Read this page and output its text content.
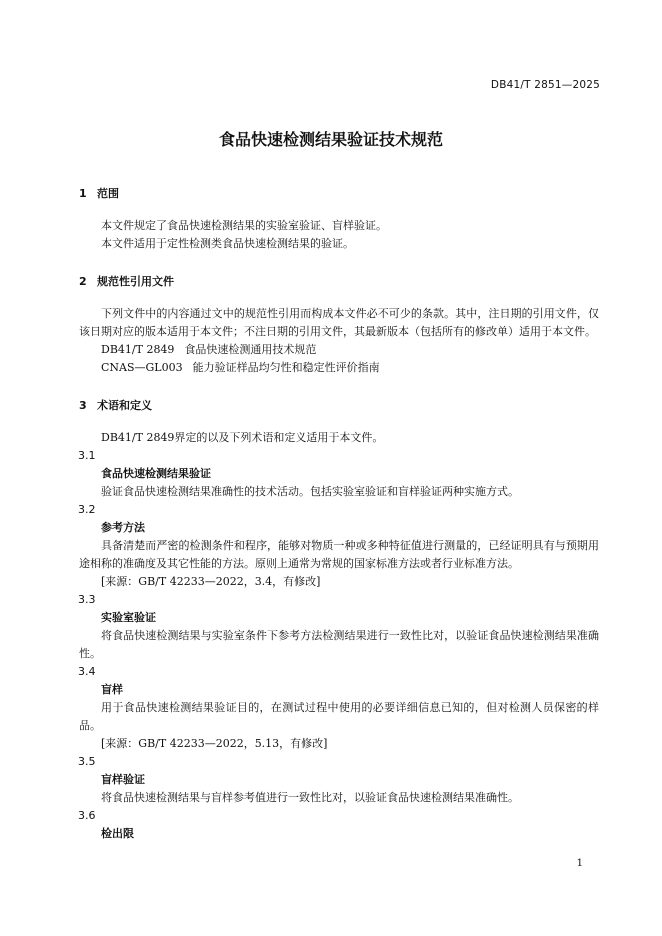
DB41/T 2851—2025
食品快速检测结果验证技术规范
1 范围

本文件规定了食品快速检测结果的实验室验证、盲样验证。

本文件适用于定性检测类食品快速检测结果的验证。

2 规范性引用文件

下列文件中的内容通过文中的规范性引用而构成本文件必不可少的条款。其中，注日期的引用文件，仅该日期对应的版本适用于本文件；不注日期的引用文件，其最新版本（包括所有的修改单）适用于本文件。

DB41/T 2849 食品快速检测通用技术规范
CNAS—GL003 能力验证样品均匀性和稳定性评价指南
3 术语和定义

DB41/T 2849界定的以及下列术语和定义适用于本文件。

3.1
食品快速检测结果验证

验证食品快速检测结果准确性的技术活动。包括实验室验证和盲样验证两种实施方式。

3.2
参考方法

具备清楚而严密的检测条件和程序，能够对物质一种或多种特征值进行测量的，已经证明具有与预期用途相称的准确度及其它性能的方法。原则上通常为常规的国家标准方法或者行业标准方法。

[来源：GB/T 42233—2022，3.4，有修改]
3.3
实验室验证

将食品快速检测结果与实验室条件下参考方法检测结果进行一致性比对，以验证食品快速检测结果准确性。

3.4
盲样

用于食品快速检测结果验证目的，在测试过程中使用的必要详细信息已知的，但对检测人员保密的样品。

[来源：GB/T 42233—2022，5.13，有修改]
3.5
盲样验证

将食品快速检测结果与盲样参考值进行一致性比对，以验证食品快速检测结果准确性。

3.6
检出限
1
